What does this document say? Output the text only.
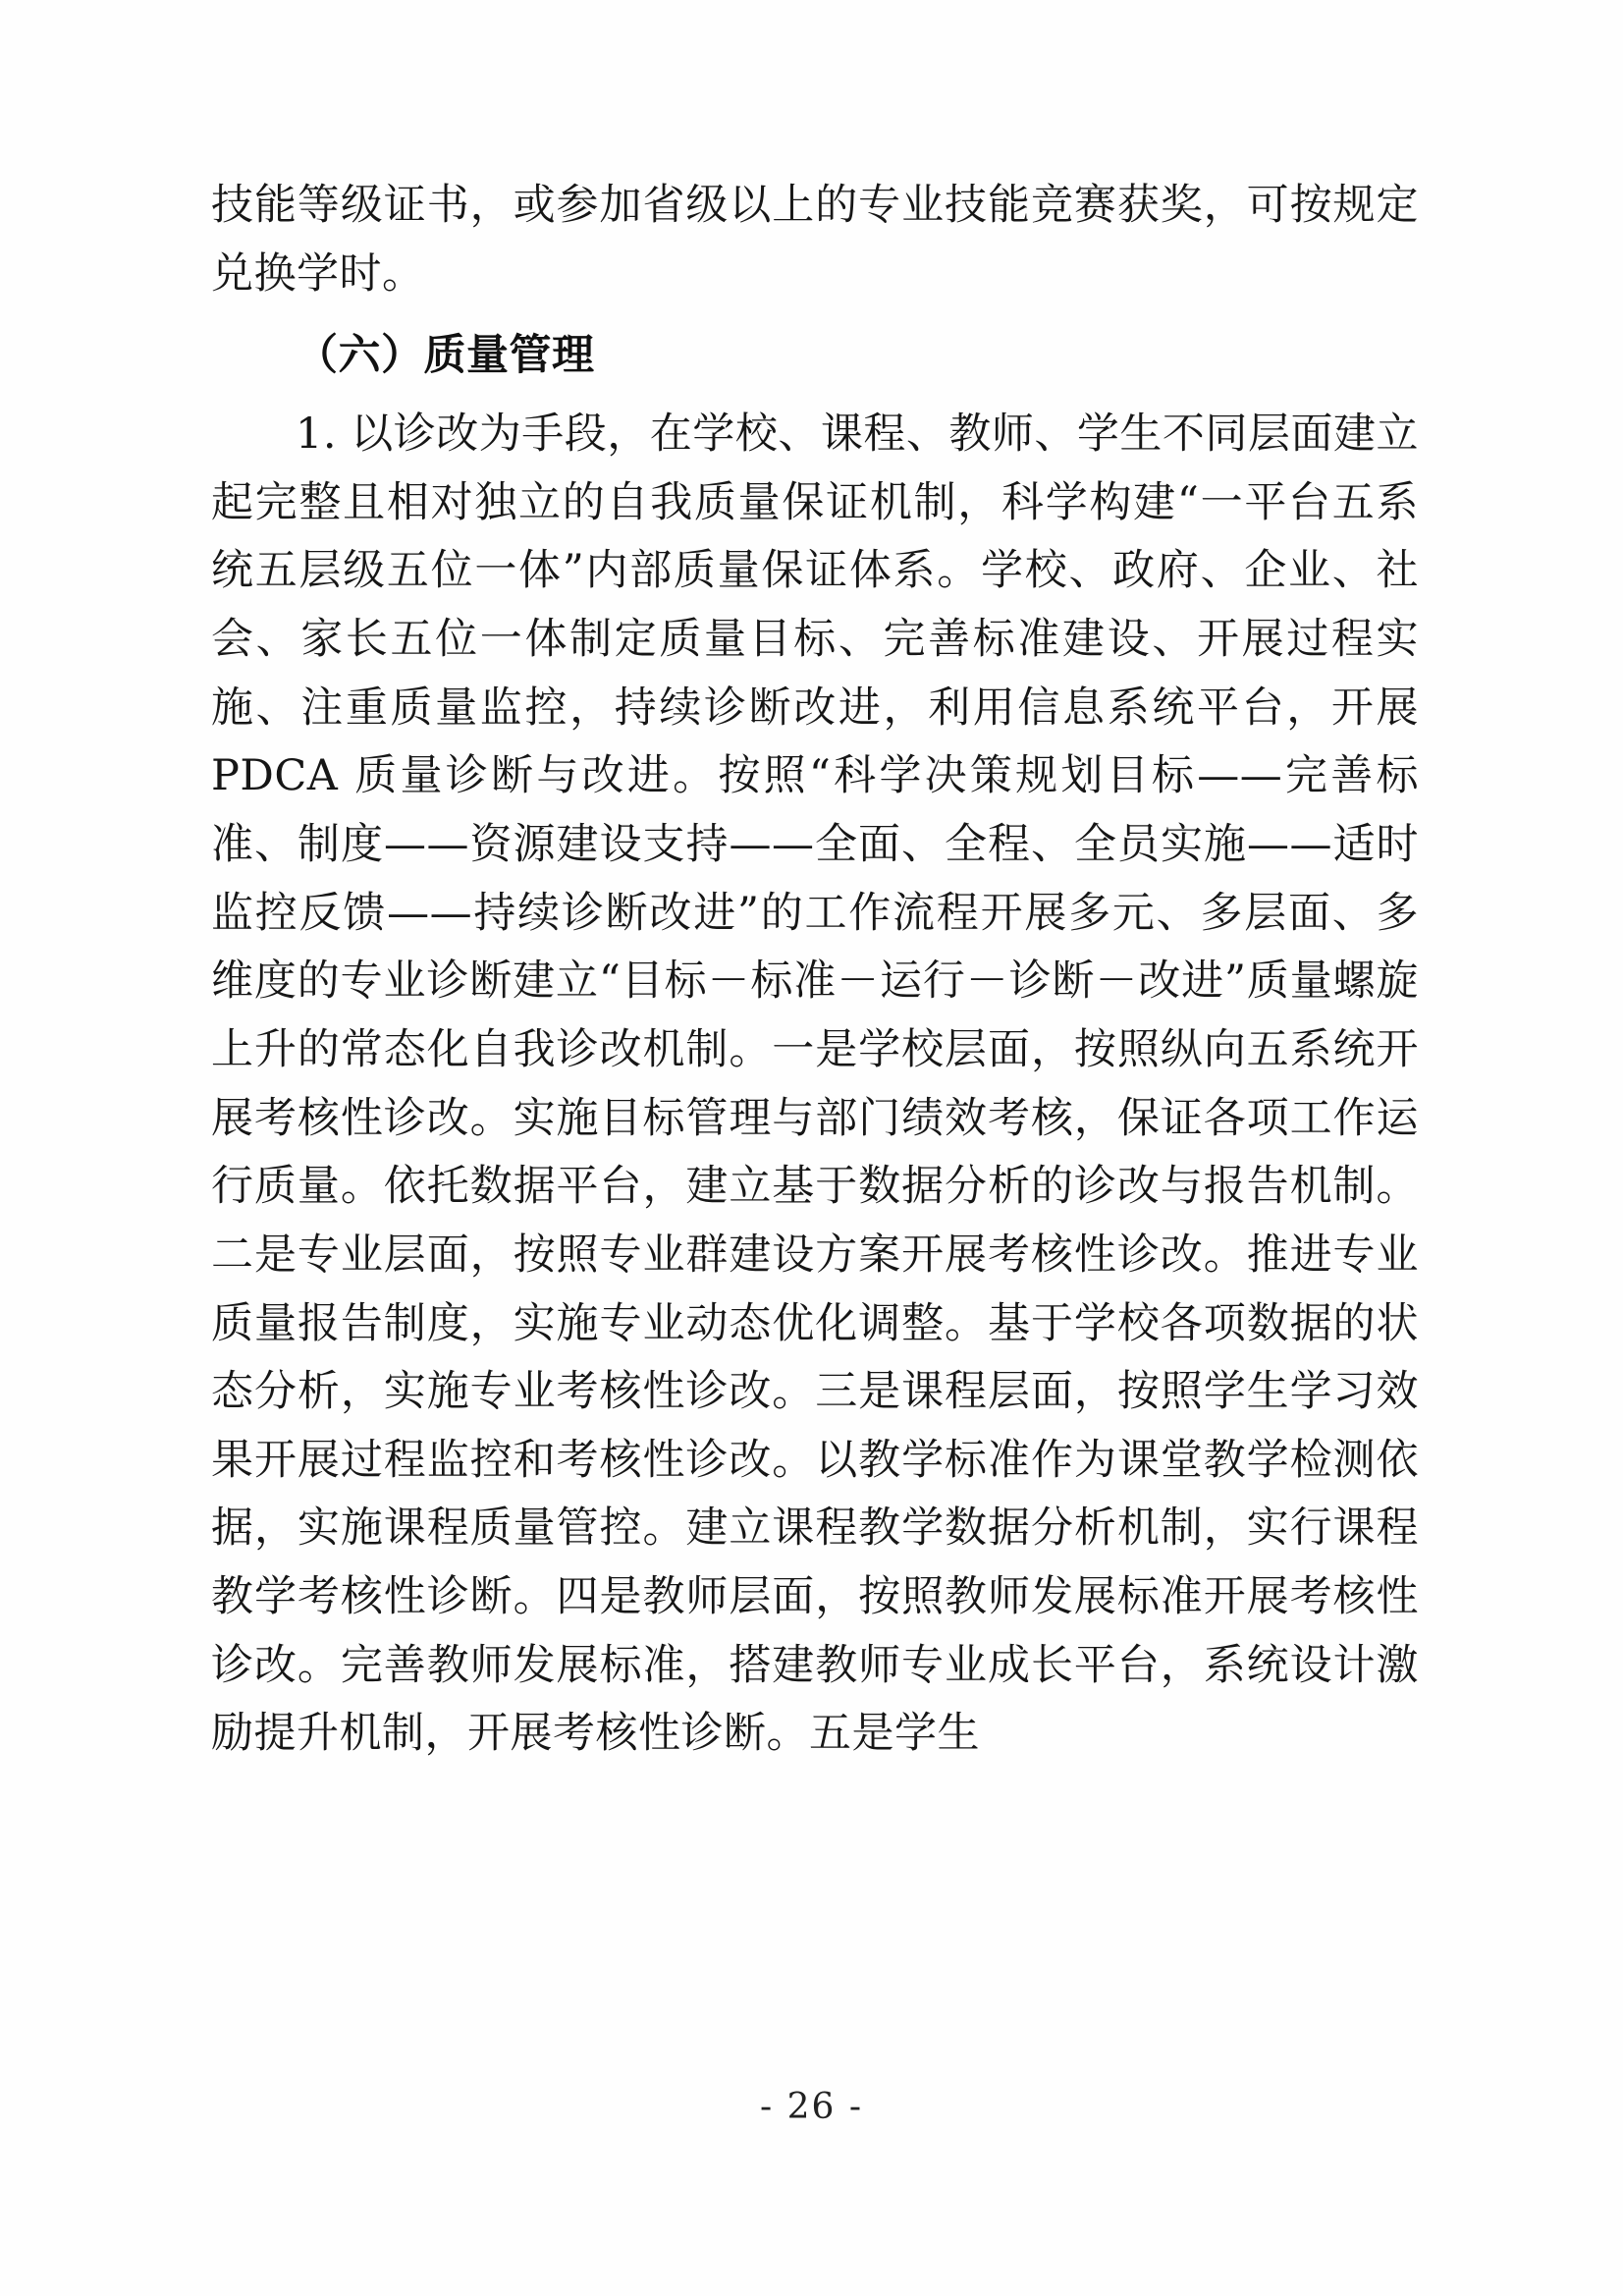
技能等级证书，或参加省级以上的专业技能竞赛获奖，可按规定兑换学时。

（六）质量管理

1. 以诊改为手段，在学校、课程、教师、学生不同层面建立起完整且相对独立的自我质量保证机制，科学构建“一平台五系统五层级五位一体”内部质量保证体系。学校、政府、企业、社会、家长五位一体制定质量目标、完善标准建设、开展过程实施、注重质量监控，持续诊断改进，利用信息系统平台，开展 PDCA 质量诊断与改进。按照“科学决策规划目标——完善标准、制度——资源建设支持——全面、全程、全员实施——适时监控反馈——持续诊断改进”的工作流程开展多元、多层面、多维度的专业诊断建立“目标－标准－运行－诊断－改进”质量螺旋上升的常态化自我诊改机制。一是学校层面，按照纵向五系统开展考核性诊改。实施目标管理与部门绩效考核，保证各项工作运行质量。依托数据平台，建立基于数据分析的诊改与报告机制。二是专业层面，按照专业群建设方案开展考核性诊改。推进专业质量报告制度，实施专业动态优化调整。基于学校各项数据的状态分析，实施专业考核性诊改。三是课程层面，按照学生学习效果开展过程监控和考核性诊改。以教学标准作为课堂教学检测依据，实施课程质量管控。建立课程教学数据分析机制，实行课程教学考核性诊断。四是教师层面，按照教师发展标准开展考核性诊改。完善教师发展标准，搭建教师专业成长平台，系统设计激励提升机制，开展考核性诊断。五是学生

- 26 -
